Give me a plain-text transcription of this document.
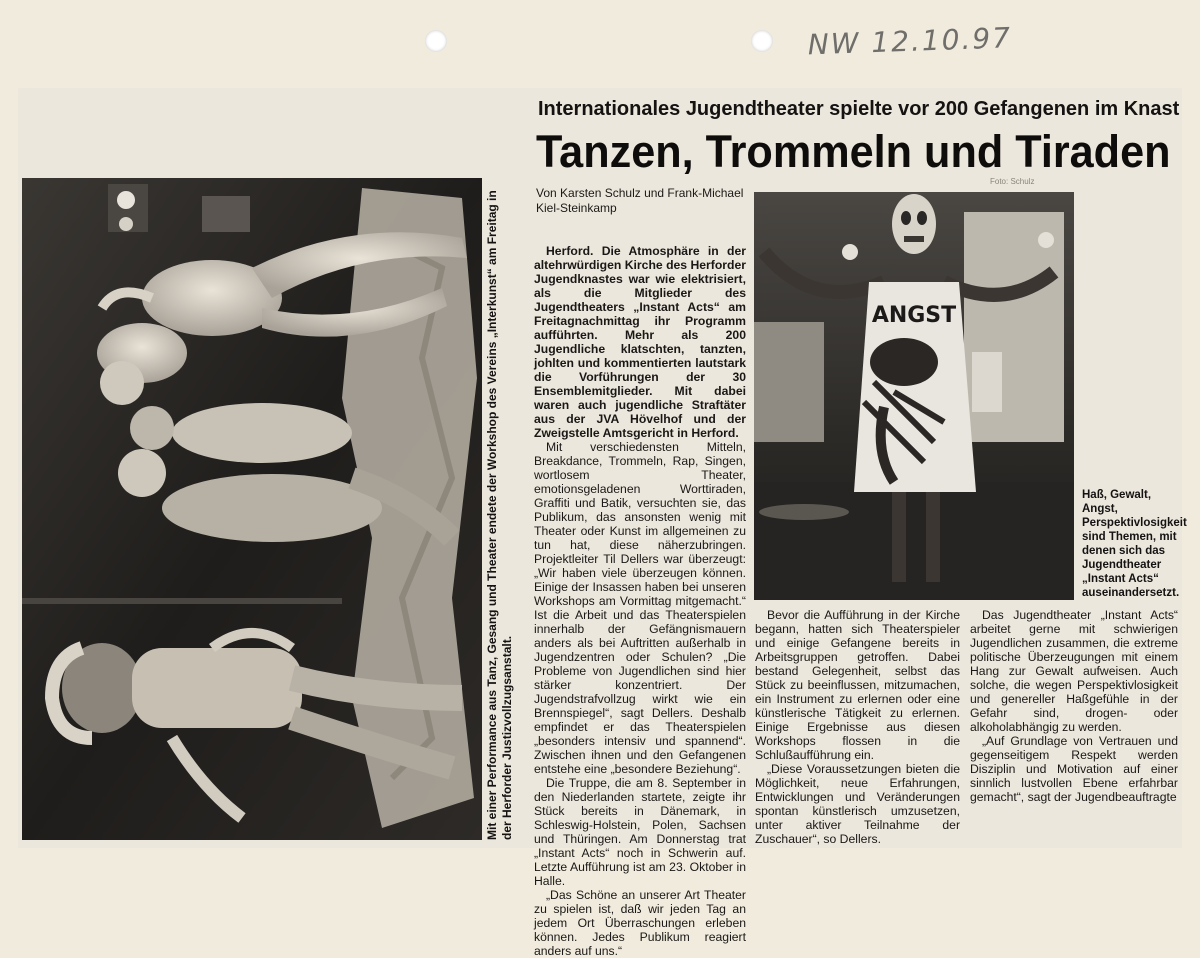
NW 12.10.97
Internationales Jugendtheater spielte vor 200 Gefangenen im Knast
Tanzen, Trommeln und Tiraden
Mit einer Performance aus Tanz, Gesang und Theater endete der Workshop des Vereins „Interkunst“ am Freitag in der Herforder Justizvollzugsanstalt.
Von Karsten Schulz und Frank-Michael Kiel-Steinkamp

Herford. Die Atmosphäre in der altehrwürdigen Kirche des Herforder Jugendknastes war wie elektrisiert, als die Mitglieder des Jugendtheaters „Instant Acts“ am Freitagnachmittag ihr Programm aufführten. Mehr als 200 Jugendliche klatschten, tanzten, johlten und kommentierten lautstark die Vorführungen der 30 Ensemblemitglieder. Mit dabei waren auch jugendliche Straftäter aus der JVA Hövelhof und der Zweigstelle Amtsgericht in Herford.

Mit verschiedensten Mitteln, Breakdance, Trommeln, Rap, Singen, wortlosem Theater, emotionsgeladenen Worttiraden, Graffiti und Batik, versuchten sie, das Publikum, das ansonsten wenig mit Theater oder Kunst im allgemeinen zu tun hat, diese näherzubringen. Projektleiter Til Dellers war überzeugt: „Wir haben viele überzeugen können. Einige der Insassen haben bei unseren Workshops am Vormittag mitgemacht.“ Ist die Arbeit und das Theaterspielen innerhalb der Gefängnismauern anders als bei Auftritten außerhalb in Jugendzentren oder Schulen? „Die Probleme von Jugendlichen sind hier stärker konzentriert. Der Jugendstrafvollzug wirkt wie ein Brennspiegel“, sagt Dellers. Deshalb empfindet er das Theaterspielen „besonders intensiv und spannend“. Zwischen ihnen und den Gefangenen entstehe eine „besondere Beziehung“.

Die Truppe, die am 8. September in den Niederlanden startete, zeigte ihr Stück bereits in Dänemark, in Schleswig-Holstein, Polen, Sachsen und Thüringen. Am Donnerstag trat „Instant Acts“ noch in Schwerin auf. Letzte Aufführung ist am 23. Oktober in Halle.

„Das Schöne an unserer Art Theater zu spielen ist, daß wir jeden Tag an jedem Ort Überraschungen erleben können. Jedes Publikum reagiert anders auf uns.“

ANGST
Foto: Schulz
Haß, Gewalt, Angst, Perspektivlosigkeit sind Themen, mit denen sich das Jugendtheater „Instant Acts“ auseinandersetzt.

Bevor die Aufführung in der Kirche begann, hatten sich Theaterspieler und einige Gefangene bereits in Arbeitsgruppen getroffen. Dabei bestand Gelegenheit, selbst das Stück zu beeinflussen, mitzumachen, ein Instrument zu erlernen oder eine künstlerische Tätigkeit zu erlernen. Einige Ergebnisse aus diesen Workshops flossen in die Schlußaufführung ein.

„Diese Voraussetzungen bieten die Möglichkeit, neue Erfahrungen, Entwicklungen und Veränderungen spontan künstlerisch umzusetzen, unter aktiver Teilnahme der Zuschauer“, so Dellers.

Das Jugendtheater „Instant Acts“ arbeitet gerne mit schwierigen Jugendlichen zusammen, die extreme politische Überzeugungen mit einem Hang zur Gewalt aufweisen. Auch solche, die wegen Perspektivlosigkeit und genereller Haßgefühle in der Gefahr sind, drogen- oder alkoholabhängig zu werden.

„Auf Grundlage von Vertrauen und gegenseitigem Respekt werden Disziplin und Motivation auf einer sinnlich lustvollen Ebene erfahrbar gemacht“, sagt der Jugendbeauftragte
